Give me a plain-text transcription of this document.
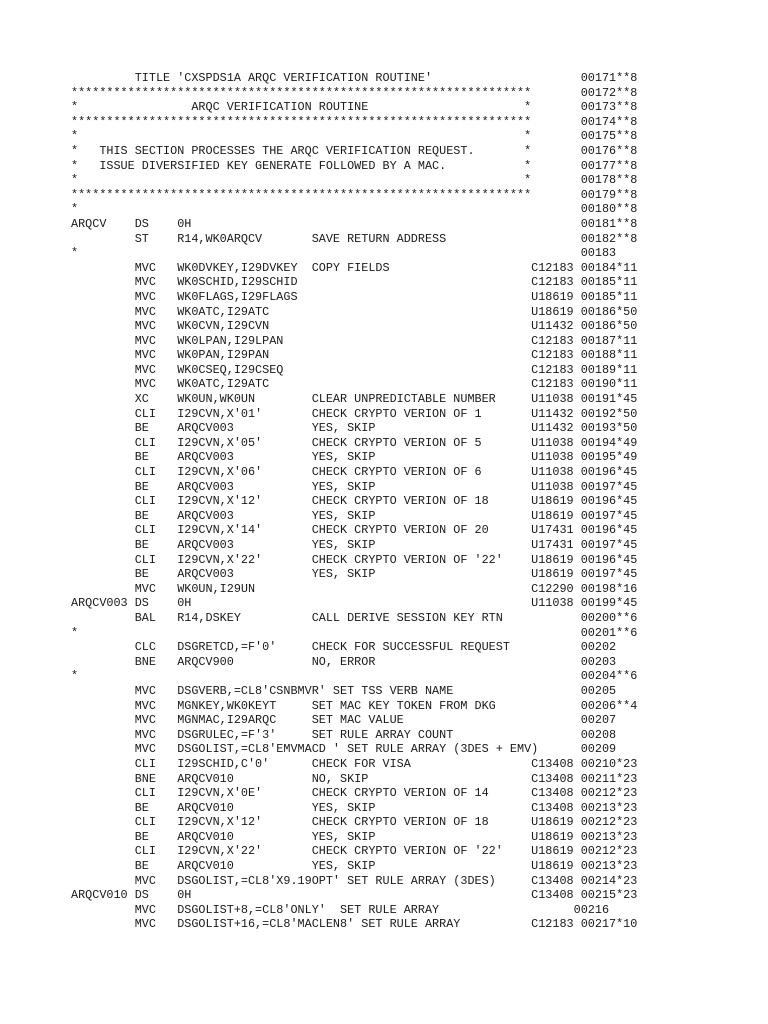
TITLE 'CXSPDS1A ARQC VERIFICATION ROUTINE'                     00171**8
*****************************************************************       00172**8
*                ARQC VERIFICATION ROUTINE                      *       00173**8
*****************************************************************       00174**8
*                                                               *       00175**8
*   THIS SECTION PROCESSES THE ARQC VERIFICATION REQUEST.       *       00176**8
*   ISSUE DIVERSIFIED KEY GENERATE FOLLOWED BY A MAC.           *       00177**8
*                                                               *       00178**8
*****************************************************************       00179**8
*                                                                       00180**8
ARQCV    DS    0H                                                       00181**8
ST    R14,WK0ARQCV       SAVE RETURN ADDRESS                   00182**8
*                                                                       00183
MVC   WK0DVKEY,I29DVKEY  COPY FIELDS                    C12183 00184*11
MVC   WK0SCHID,I29SCHID                                 C12183 00185*11
MVC   WK0FLAGS,I29FLAGS                                 U18619 00185*11
MVC   WK0ATC,I29ATC                                     U18619 00186*50
MVC   WK0CVN,I29CVN                                     U11432 00186*50
MVC   WK0LPAN,I29LPAN                                   C12183 00187*11
MVC   WK0PAN,I29PAN                                     C12183 00188*11
MVC   WK0CSEQ,I29CSEQ                                   C12183 00189*11
MVC   WK0ATC,I29ATC                                     C12183 00190*11
XC    WK0UN,WK0UN        CLEAR UNPREDICTABLE NUMBER     U11038 00191*45
CLI   I29CVN,X'01'       CHECK CRYPTO VERION OF 1       U11432 00192*50
BE    ARQCV003           YES, SKIP                      U11432 00193*50
CLI   I29CVN,X'05'       CHECK CRYPTO VERION OF 5       U11038 00194*49
BE    ARQCV003           YES, SKIP                      U11038 00195*49
CLI   I29CVN,X'06'       CHECK CRYPTO VERION OF 6       U11038 00196*45
BE    ARQCV003           YES, SKIP                      U11038 00197*45
CLI   I29CVN,X'12'       CHECK CRYPTO VERION OF 18      U18619 00196*45
BE    ARQCV003           YES, SKIP                      U18619 00197*45
CLI   I29CVN,X'14'       CHECK CRYPTO VERION OF 20      U17431 00196*45
BE    ARQCV003           YES, SKIP                      U17431 00197*45
CLI   I29CVN,X'22'       CHECK CRYPTO VERION OF '22'    U18619 00196*45
BE    ARQCV003           YES, SKIP                      U18619 00197*45
MVC   WK0UN,I29UN                                       C12290 00198*16
ARQCV003 DS    0H                                                U11038 00199*45
BAL   R14,DSKEY          CALL DERIVE SESSION KEY RTN           00200**6
*                                                                       00201**6
CLC   DSGRETCD,=F'0'     CHECK FOR SUCCESSFUL REQUEST          00202
BNE   ARQCV900           NO, ERROR                             00203
*                                                                       00204**6
MVC   DSGVERB,=CL8'CSNBMVR' SET TSS VERB NAME                  00205
MVC   MGNKEY,WK0KEYT     SET MAC KEY TOKEN FROM DKG            00206**4
MVC   MGNMAC,I29ARQC     SET MAC VALUE                         00207
MVC   DSGRULEC,=F'3'     SET RULE ARRAY COUNT                  00208
MVC   DSGOLIST,=CL8'EMVMACD ' SET RULE ARRAY (3DES + EMV)      00209
CLI   I29SCHID,C'0'      CHECK FOR VISA                 C13408 00210*23
BNE   ARQCV010           NO, SKIP                       C13408 00211*23
CLI   I29CVN,X'0E'       CHECK CRYPTO VERION OF 14      C13408 00212*23
BE    ARQCV010           YES, SKIP                      C13408 00213*23
CLI   I29CVN,X'12'       CHECK CRYPTO VERION OF 18      U18619 00212*23
BE    ARQCV010           YES, SKIP                      U18619 00213*23
CLI   I29CVN,X'22'       CHECK CRYPTO VERION OF '22'    U18619 00212*23
BE    ARQCV010           YES, SKIP                      U18619 00213*23
MVC   DSGOLIST,=CL8'X9.19OPT' SET RULE ARRAY (3DES)     C13408 00214*23
ARQCV010 DS    0H                                                C13408 00215*23
MVC   DSGOLIST+8,=CL8'ONLY'  SET RULE ARRAY                   00216
MVC   DSGOLIST+16,=CL8'MACLEN8' SET RULE ARRAY          C12183 00217*10
